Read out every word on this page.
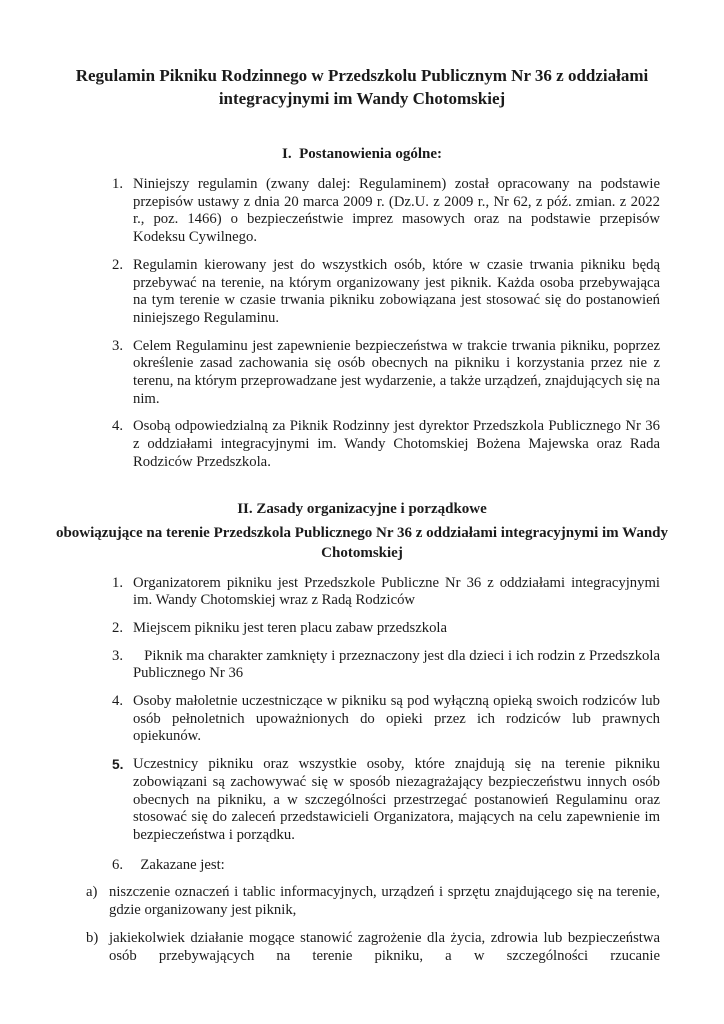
Regulamin Pikniku Rodzinnego w Przedszkolu Publicznym Nr 36 z oddziałami integracyjnymi im Wandy Chotomskiej
I.  Postanowienia ogólne:
1. Niniejszy regulamin (zwany dalej: Regulaminem) został opracowany na podstawie przepisów ustawy z dnia 20 marca 2009 r. (Dz.U. z 2009 r., Nr 62, z póź. zmian. z 2022 r., poz. 1466) o bezpieczeństwie imprez masowych oraz na podstawie przepisów Kodeksu Cywilnego.
2. Regulamin kierowany jest do wszystkich osób, które w czasie trwania pikniku będą przebywać na terenie, na którym organizowany jest piknik. Każda osoba przebywająca na tym terenie w czasie trwania pikniku zobowiązana jest stosować się do postanowień niniejszego Regulaminu.
3. Celem Regulaminu jest zapewnienie bezpieczeństwa w trakcie trwania pikniku, poprzez określenie zasad zachowania się osób obecnych na pikniku i korzystania przez nie z terenu, na którym przeprowadzane jest wydarzenie, a także urządzeń, znajdujących się na nim.
4. Osobą odpowiedzialną za Piknik Rodzinny jest dyrektor Przedszkola Publicznego Nr 36 z oddziałami integracyjnymi im. Wandy Chotomskiej Bożena Majewska oraz Rada Rodziców Przedszkola.
II. Zasady organizacyjne i porządkowe
obowiązujące na terenie Przedszkola Publicznego Nr 36 z oddziałami integracyjnymi im Wandy Chotomskiej
1. Organizatorem pikniku jest Przedszkole Publiczne Nr 36 z oddziałami integracyjnymi im. Wandy Chotomskiej wraz z Radą Rodziców
2. Miejscem pikniku jest teren placu zabaw przedszkola
3. Piknik ma charakter zamknięty i przeznaczony jest dla dzieci i ich rodzin z Przedszkola Publicznego Nr 36
4. Osoby małoletnie uczestniczące w pikniku są pod wyłączną opieką swoich rodziców lub osób pełnoletnich upoważnionych do opieki przez ich rodziców lub prawnych opiekunów.
5. Uczestnicy pikniku oraz wszystkie osoby, które znajdują się na terenie pikniku zobowiązani są zachowywać się w sposób niezagrażający bezpieczeństwu innych osób obecnych na pikniku, a w szczególności przestrzegać postanowień Regulaminu oraz stosować się do zaleceń przedstawicieli Organizatora, mających na celu zapewnienie im bezpieczeństwa i porządku.
6. Zakazane jest:
a) niszczenie oznaczeń i tablic informacyjnych, urządzeń i sprzętu znajdującego się na terenie, gdzie organizowany jest piknik,
b) jakiekolwiek działanie mogące stanowić zagrożenie dla życia, zdrowia lub bezpieczeństwa osób przebywających na terenie pikniku, a w szczególności rzucanie
